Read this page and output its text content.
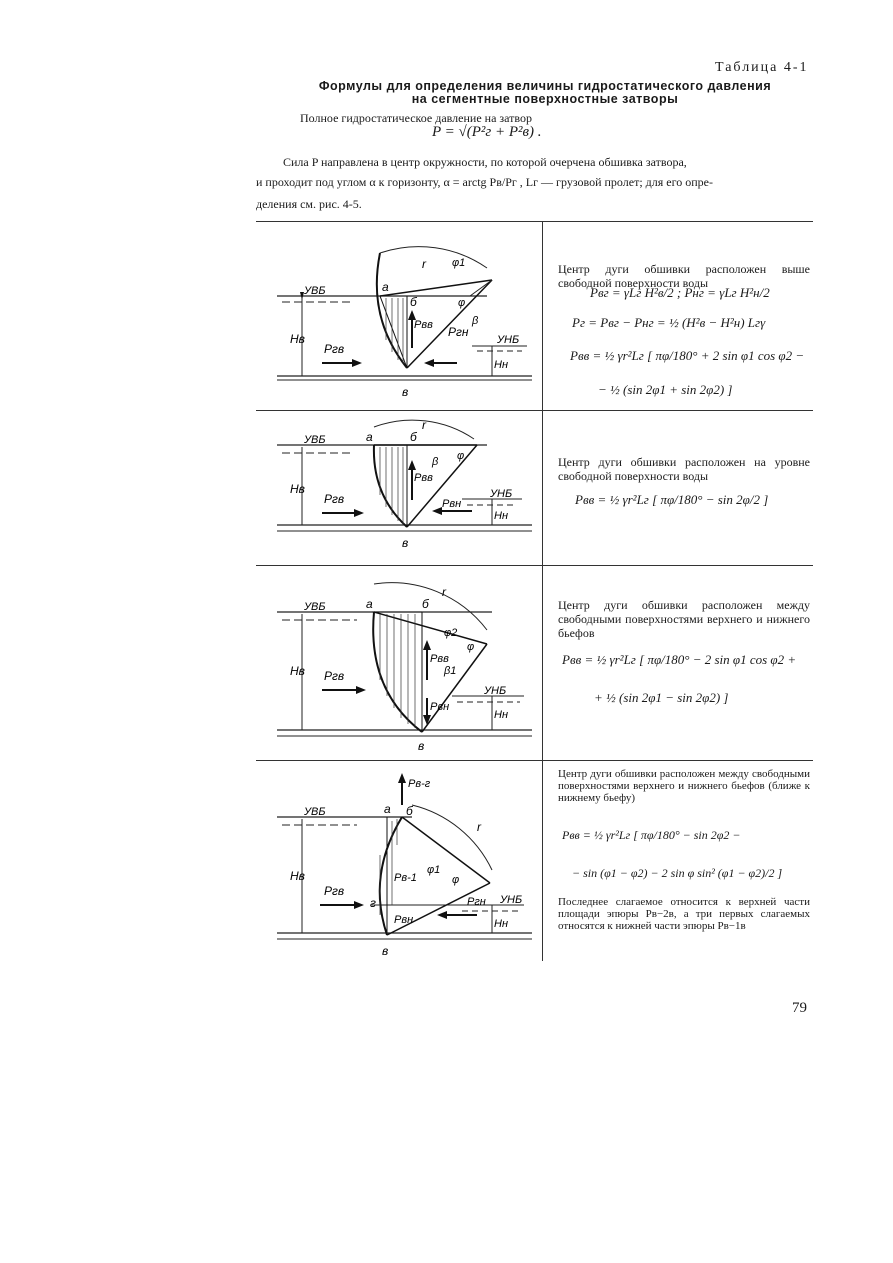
Таблица 4-1
Формулы для определения величины гидростатического давления
на сегментные поверхностные затворы
Полное гидростатическое давление на затвор
P = √(P²г + P²в) .
Сила P направлена в центр окружности, по которой очерчена обшивка затвора,
и проходит под углом α к горизонту, α = arctg Pв/Pг , Lг — грузовой пролет; для его опре-
деления см. рис. 4-5.
а
б
в
r
УВБ
УНБ
Hв
Hн
Pгв
Pгн
Pвв
φ1
φ
β
Центр дуги обшивки расположен выше свободной поверхности воды
Pвг = γLг H²в/2 ; Pнг = γLг H²н/2
Pг = Pвг − Pнг = ½ (H²в − H²н) Lгγ
Pвв = ½ γr²Lг [ πφ/180° + 2 sin φ1 cos φ2 −
− ½ (sin 2φ1 + sin 2φ2) ]
а	б
в
r
УВБ
УНБ
Hв
Hн
Pгв
Pвв
Pвн
β φ	Центр дуги обшивки расположен на уровне свободной поверхности воды
Pвв = ½ γr²Lг [ πφ/180° − sin 2φ/2 ]
а	б
в
r
УВБ
УНБ
Hв
Hн
Pгв
Pвв
Pвн
φ2
φ
β1
Центр дуги обшивки расположен между свободными поверхностями верхнего и нижнего бьефов
Pвв = ½ γr²Lг [ πφ/180° − 2 sin φ1 cos φ2 +
+ ½ (sin 2φ1 − sin 2φ2) ]
а б
г
в
r
УВБ
УНБ
Hв
Hн
Pгв
Pв-г
Pв-1
Pвн
φ1
φ
Pгн
Центр дуги обшивки расположен между свободными поверхностями верхнего и нижнего бьефов (ближе к нижнему бьефу)
Pвв = ½ γr²Lг [ πφ/180° − sin 2φ2 −
− sin (φ1 − φ2) − 2 sin φ sin² (φ1 − φ2)/2 ]
Последнее слагаемое относится к верхней части площади эпюры Pв−2в, а три первых слагаемых относятся к нижней части эпюры Pв−1в
79
